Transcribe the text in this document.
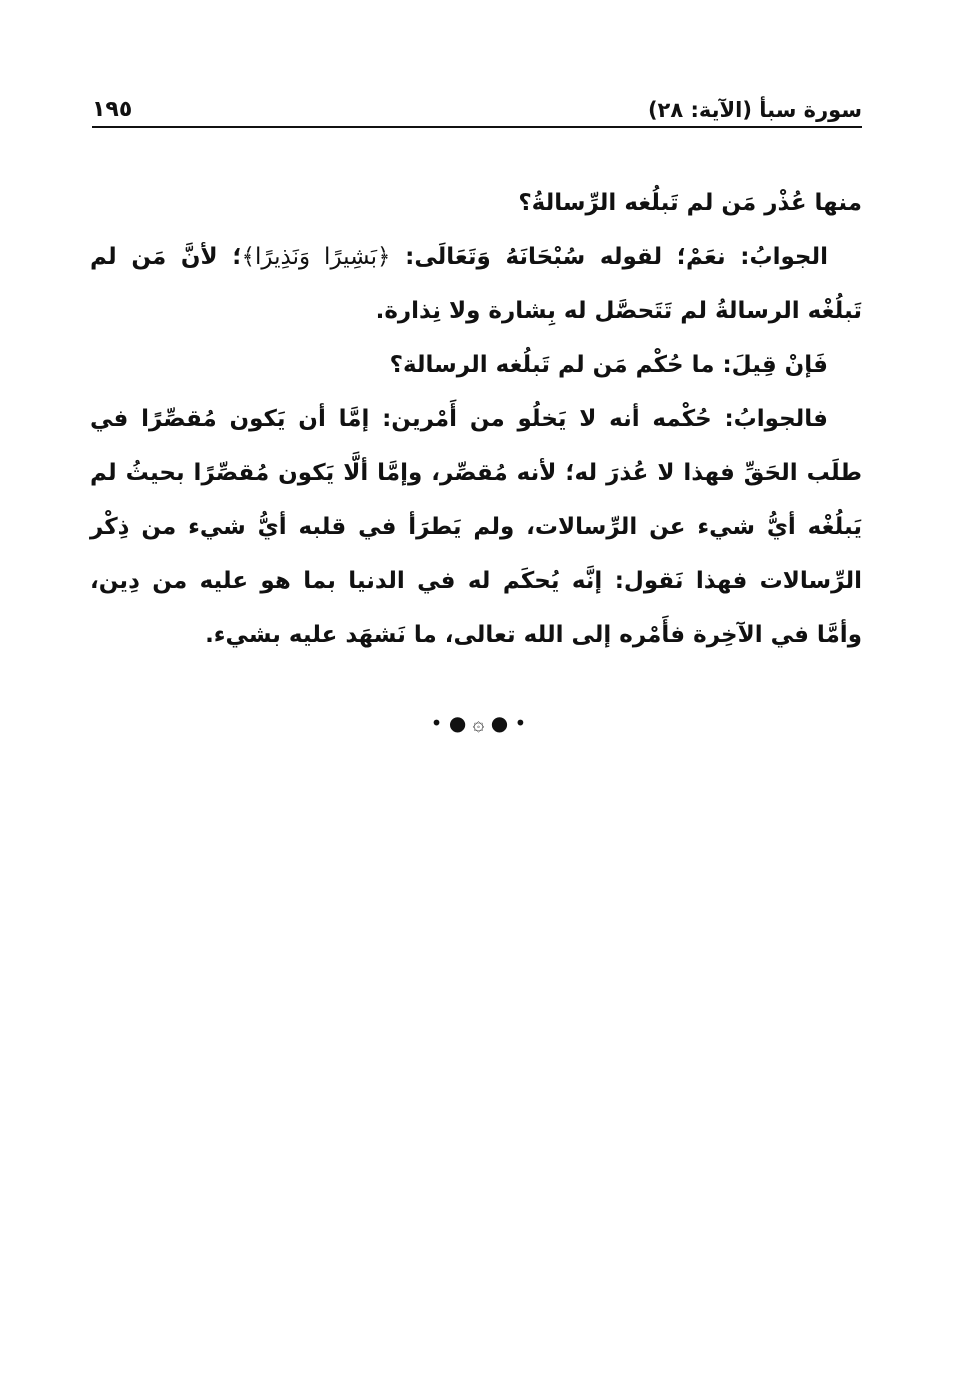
سورة سبأ (الآية: ٢٨)
١٩٥

منها عُذْر مَن لم تَبلُغه الرِّسالةُ؟

الجوابُ: نعَمْ؛ لقوله سُبْحَانَهُ وَتَعَالَى: ﴿بَشِيرًا وَنَذِيرًا﴾؛ لأنَّ مَن لم تَبلُغْه الرسالةُ لم تَتَحصَّل له بِشارة ولا نِذارة.

فَإنْ قِيلَ: ما حُكْم مَن لم تَبلُغه الرسالة؟

فالجوابُ: حُكْمه أنه لا يَخلُو من أَمْرين: إمَّا أن يَكون مُقصِّرًا في طلَب الحَقِّ فهذا لا عُذرَ له؛ لأنه مُقصِّر، وإمَّا ألَّا يَكون مُقصِّرًا بحيثُ لم يَبلُغْه أيُّ شيء عن الرِّسالات، ولم يَطرَأ في قلبه أيُّ شيء من ذِكْر الرِّسالات فهذا نَقول: إنَّه يُحكَم له في الدنيا بما هو عليه من دِين، وأمَّا في الآخِرة فأَمْره إلى الله تعالى، ما نَشهَد عليه بشيء.

• ● ۞ ● •
